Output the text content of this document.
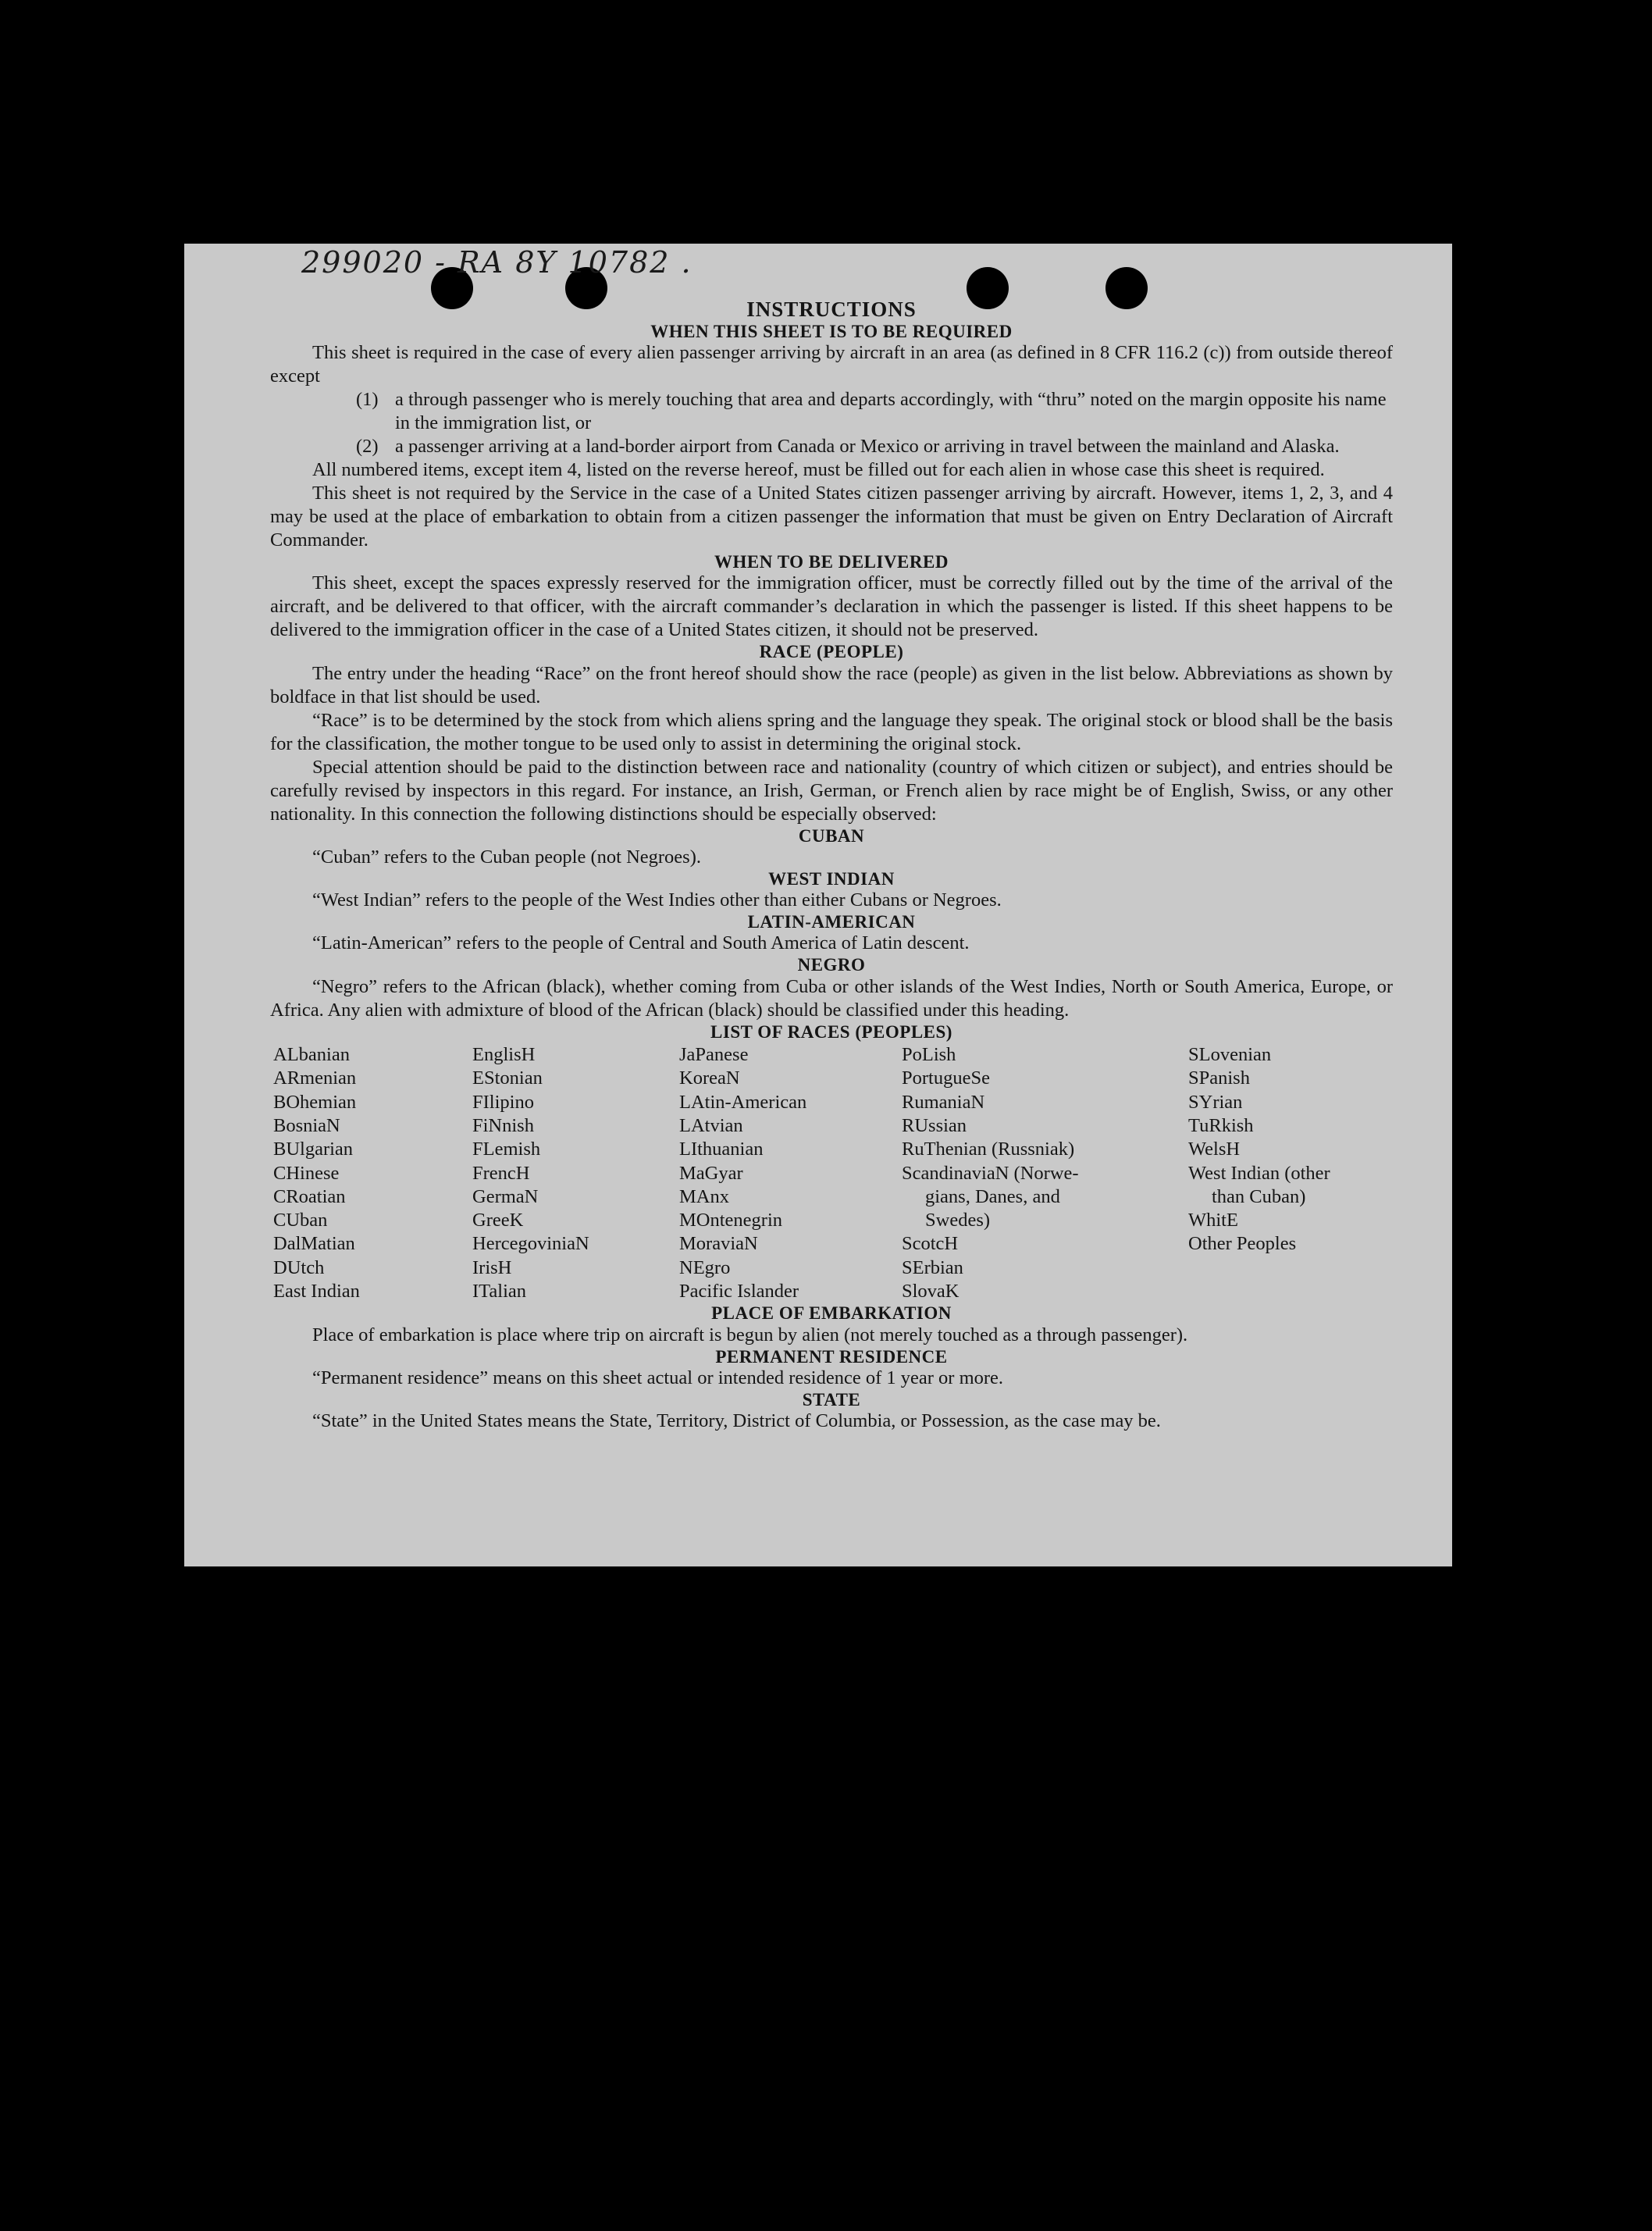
299020 - RA 8Y 10782 .
INSTRUCTIONS
WHEN THIS SHEET IS TO BE REQUIRED

This sheet is required in the case of every alien passenger arriving by aircraft in an area (as defined in 8 CFR 116.2 (c)) from outside thereof except

(1) a through passenger who is merely touching that area and departs accordingly, with “thru” noted on the margin opposite his name in the immigration list, or
(2) a passenger arriving at a land-border airport from Canada or Mexico or arriving in travel between the mainland and Alaska.

All numbered items, except item 4, listed on the reverse hereof, must be filled out for each alien in whose case this sheet is required.

This sheet is not required by the Service in the case of a United States citizen passenger arriving by aircraft. However, items 1, 2, 3, and 4 may be used at the place of embarkation to obtain from a citizen passenger the information that must be given on Entry Declaration of Aircraft Commander.

WHEN TO BE DELIVERED

This sheet, except the spaces expressly reserved for the immigration officer, must be correctly filled out by the time of the arrival of the aircraft, and be delivered to that officer, with the aircraft commander’s declaration in which the passenger is listed. If this sheet happens to be delivered to the immigration officer in the case of a United States citizen, it should not be preserved.

RACE (PEOPLE)

The entry under the heading “Race” on the front hereof should show the race (people) as given in the list below. Abbreviations as shown by boldface in that list should be used.

“Race” is to be determined by the stock from which aliens spring and the language they speak. The original stock or blood shall be the basis for the classification, the mother tongue to be used only to assist in determining the original stock.

Special attention should be paid to the distinction between race and nationality (country of which citizen or subject), and entries should be carefully revised by inspectors in this regard. For instance, an Irish, German, or French alien by race might be of English, Swiss, or any other nationality. In this connection the following distinctions should be especially observed:

CUBAN

“Cuban” refers to the Cuban people (not Negroes).

WEST INDIAN

“West Indian” refers to the people of the West Indies other than either Cubans or Negroes.

LATIN-AMERICAN

“Latin-American” refers to the people of Central and South America of Latin descent.

NEGRO

“Negro” refers to the African (black), whether coming from Cuba or other islands of the West Indies, North or South America, Europe, or Africa. Any alien with admixture of blood of the African (black) should be classified under this heading.

LIST OF RACES (PEOPLES)
ALbanian
ARmenian
BOhemian
BosniaN
BUlgarian
CHinese
CRoatian
CUban
DalMatian
DUtch
East Indian
EnglisH
EStonian
FIlipino
FiNnish
FLemish
FrencH
GermaN
GreeK
HercegoviniaN
IrisH
ITalian
JaPanese
KoreaN
LAtin-American
LAtvian
LIthuanian
MaGyar
MAnx
MOntenegrin
MoraviaN
NEgro
Pacific Islander
PoLish
PortugueSe
RumaniaN
RUssian
RuThenian (Russniak)
ScandinaviaN (Norwe-
gians, Danes, and
Swedes)
ScotcH
SErbian
SlovaK
SLovenian
SPanish
SYrian
TuRkish
WelsH
West Indian (other
than Cuban)
WhitE
Other Peoples
PLACE OF EMBARKATION

Place of embarkation is place where trip on aircraft is begun by alien (not merely touched as a through passenger).

PERMANENT RESIDENCE

“Permanent residence” means on this sheet actual or intended residence of 1 year or more.

STATE

“State” in the United States means the State, Territory, District of Columbia, or Possession, as the case may be.
